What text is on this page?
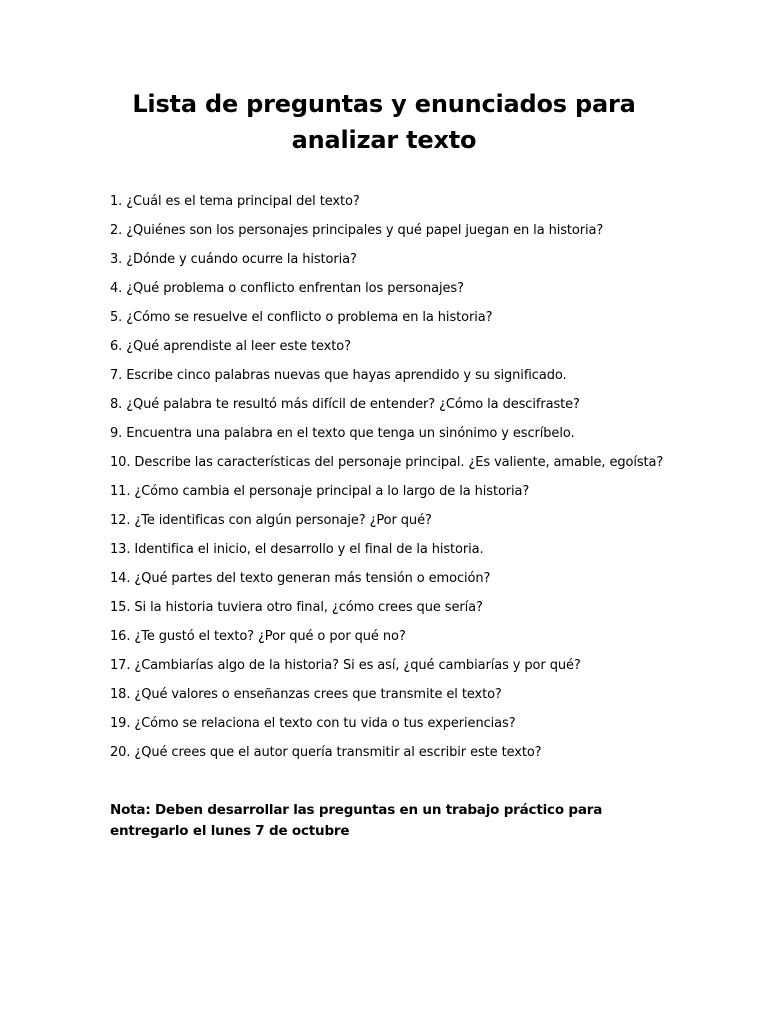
Lista de preguntas y enunciados para analizar texto
1. ¿Cuál es el tema principal del texto?
2. ¿Quiénes son los personajes principales y qué papel juegan en la historia?
3. ¿Dónde y cuándo ocurre la historia?
4. ¿Qué problema o conflicto enfrentan los personajes?
5. ¿Cómo se resuelve el conflicto o problema en la historia?
6. ¿Qué aprendiste al leer este texto?
7. Escribe cinco palabras nuevas que hayas aprendido y su significado.
8. ¿Qué palabra te resultó más difícil de entender? ¿Cómo la descifraste?
9. Encuentra una palabra en el texto que tenga un sinónimo y escríbelo.
10. Describe las características del personaje principal. ¿Es valiente, amable, egoísta?
11. ¿Cómo cambia el personaje principal a lo largo de la historia?
12. ¿Te identificas con algún personaje? ¿Por qué?
13. Identifica el inicio, el desarrollo y el final de la historia.
14. ¿Qué partes del texto generan más tensión o emoción?
15. Si la historia tuviera otro final, ¿cómo crees que sería?
16. ¿Te gustó el texto? ¿Por qué o por qué no?
17. ¿Cambiarías algo de la historia? Si es así, ¿qué cambiarías y por qué?
18. ¿Qué valores o enseñanzas crees que transmite el texto?
19. ¿Cómo se relaciona el texto con tu vida o tus experiencias?
20. ¿Qué crees que el autor quería transmitir al escribir este texto?

Nota: Deben desarrollar las preguntas en un trabajo práctico para entregarlo el lunes 7 de octubre
